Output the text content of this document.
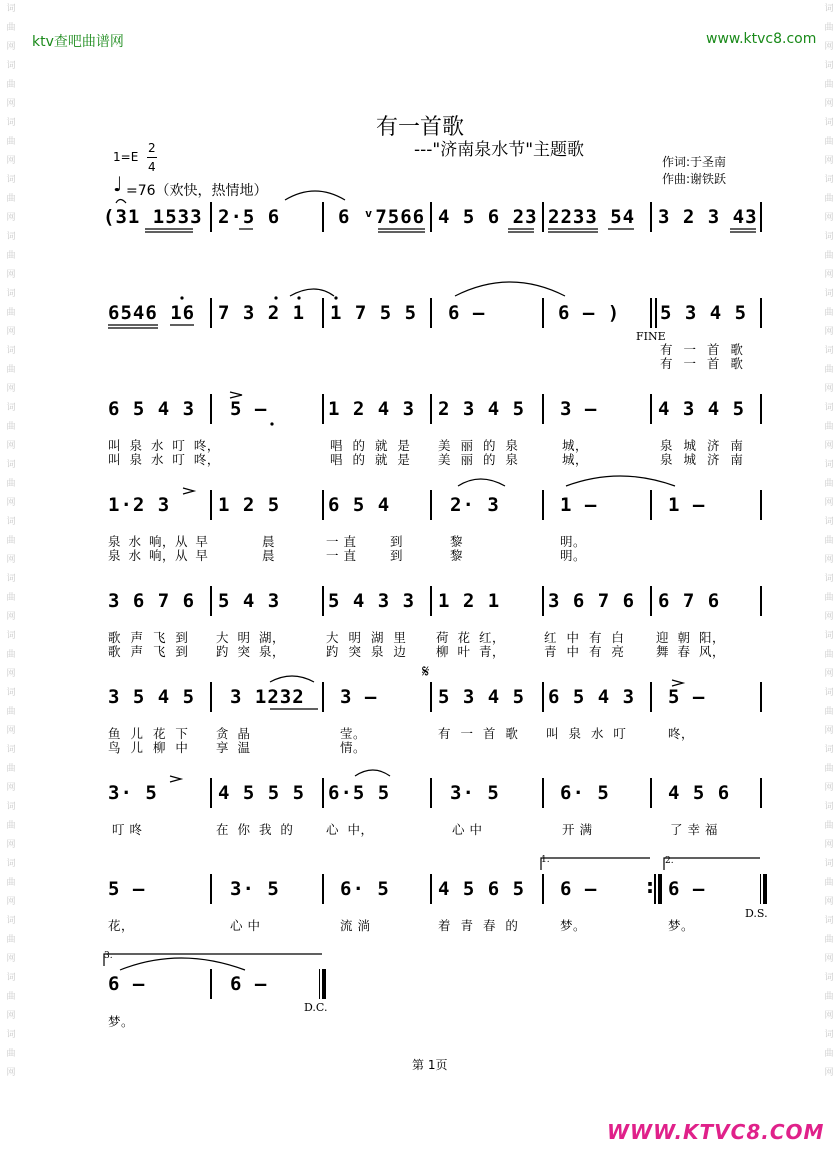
词曲网词曲网词曲网词曲网词曲网词曲网词曲网词曲网词曲网词曲网词曲网词曲网词曲网词曲网词曲网词曲网词曲网词曲网词曲网
词曲网词曲网词曲网词曲网词曲网词曲网词曲网词曲网词曲网词曲网词曲网词曲网词曲网词曲网词曲网词曲网词曲网词曲网词曲网
ktv查吧曲谱网	www.ktvc8.com
有一首歌
---"济南泉水节"主题歌
1=E
2
4
♩ =76（欢快，热情地）
作词:于圣南
作曲:谢铁跃
(31 1533 2·5 6	6 ᵛ7566 4 5 6 23 2233 54 3 2 3 43
6546 16 7 3 2 1 1 7 5 5 6 –	6 – ) 5 3 4 5
FINE
有 一 首 歌
有 一 首 歌
6 5 4 3 5 –	1 2 4 3 2 3 4 5 3 –	4 3 4 5
叫 泉 水 叮 咚，	唱 的 就 是 美 丽 的 泉	城，	泉 城 济 南
叫 泉 水 叮 咚，	唱 的 就 是 美 丽 的 泉	城，	泉 城 济 南
1·2 3	1 2 5	6 5 4	2· 3	1 –	1 –
泉 水 响，从 早	晨	一 直	到	黎	明。
泉 水 响，从 早	晨	一 直	到	黎	明。
3 6 7 6 5 4 3	5 4 3 3 1 2 1	3 6 7 6 6 7 6
歌 声 飞 到 大 明 湖，	大 明 湖 里 荷 花 红，	红 中 有 白	迎 朝 阳，
歌 声 飞 到 趵 突 泉，	趵 突 泉 边 柳 叶 青，	青 中 有 亮	舞 春 风，
3 5 4 5 3 1232 3 –	5 3 4 5 6 5 4 3 5 –
𝄋
鱼 儿 花 下 贪 晶	莹。	有 一 首 歌 叫 泉 水 叮	咚，
鸟 儿 柳 中 享 温	情。
3· 5	4 5 5 5 6·5 5	3· 5	6· 5	4 5 6
叮 咚	在 你 我 的	心 中，	心 中	开 满	了 幸 福
5 –	3· 5	6· 5	4 5 6 5 6 – : 6 –
D.S.
1.	2.
花，	心 中	流 淌	着 青 春 的	梦。	梦。
6 –	6 –
D.C.
3.
梦。
第 1页
WWW.KTVC8.COM
